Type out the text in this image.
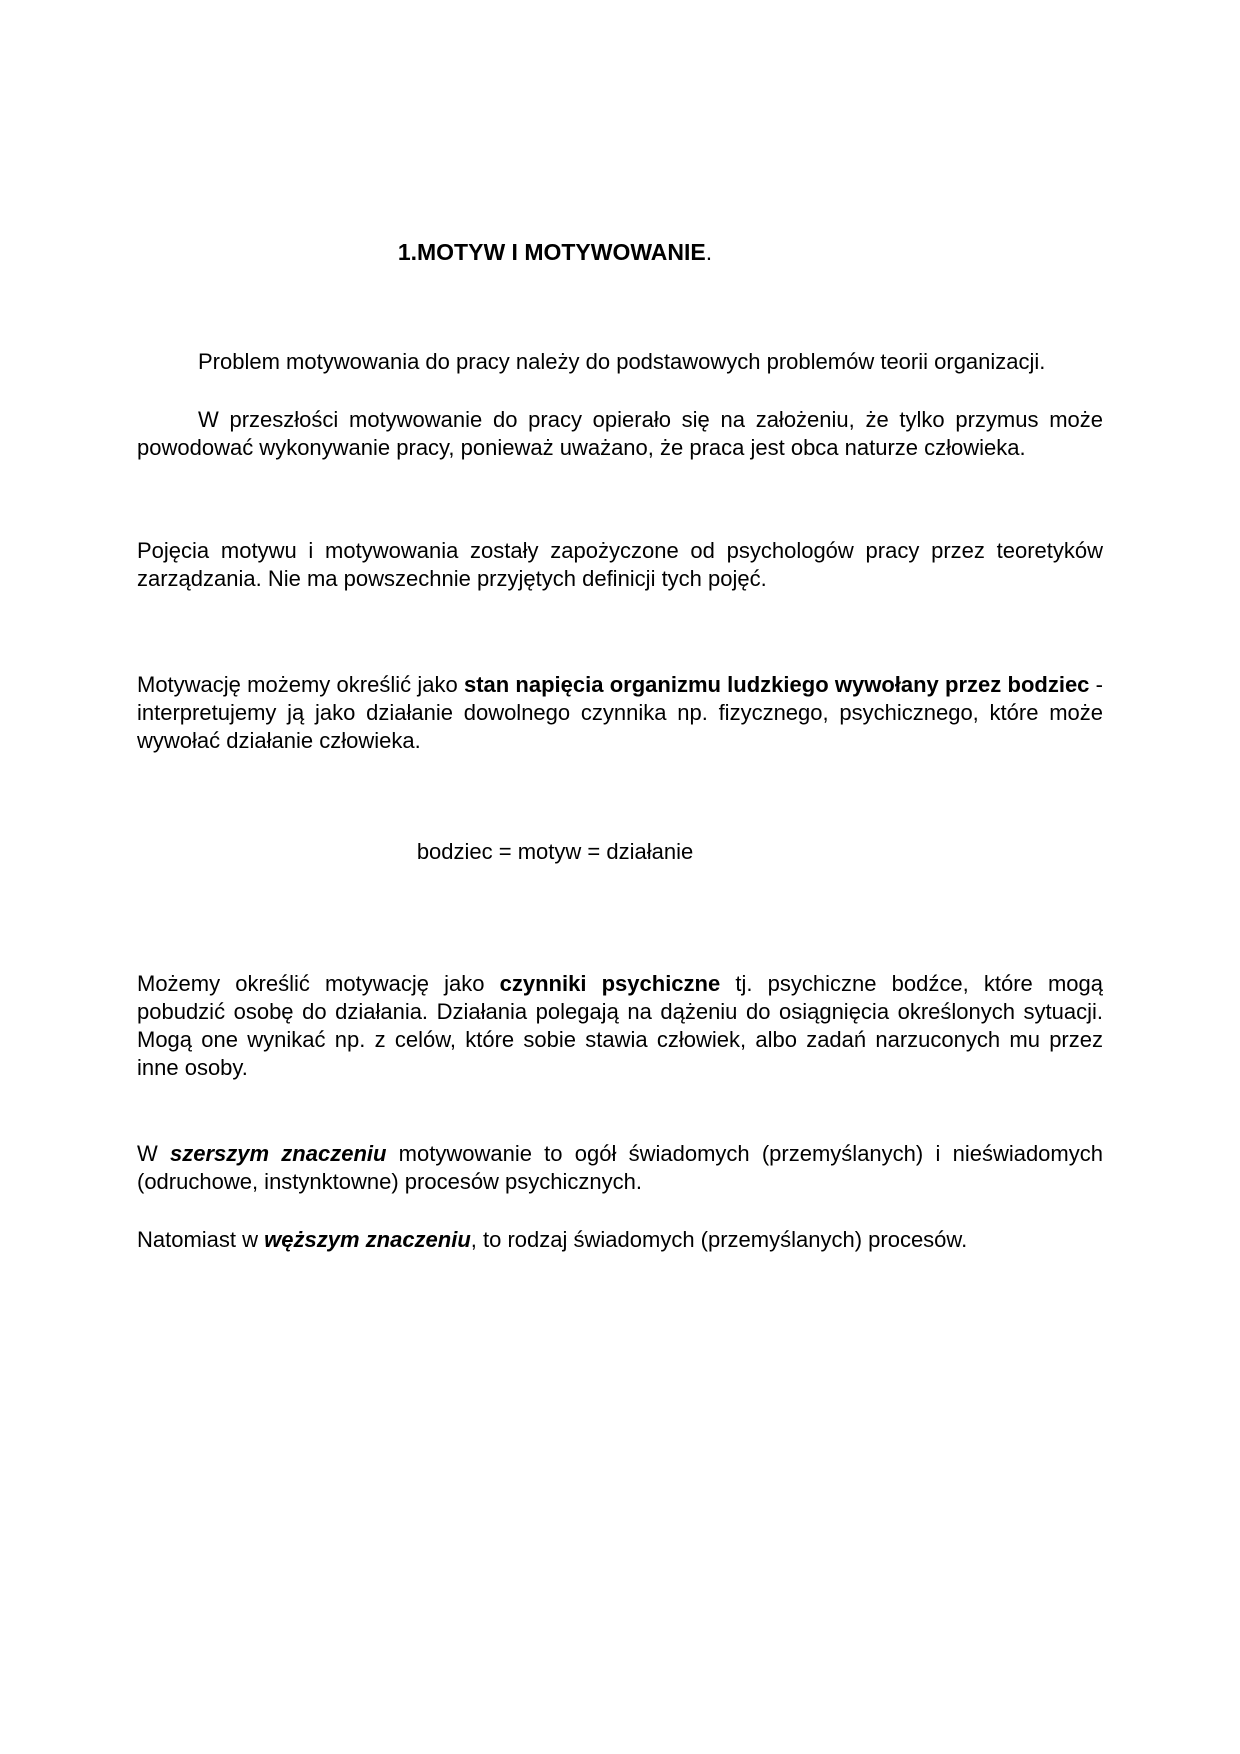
1.MOTYW I MOTYWOWANIE.

Problem motywowania do pracy należy do podstawowych problemów teorii organizacji.

W przeszłości motywowanie do pracy opierało się na założeniu, że tylko przymus może powodować wykonywanie pracy, ponieważ uważano, że praca jest obca naturze człowieka.

Pojęcia motywu i motywowania zostały zapożyczone od psychologów pracy przez teoretyków zarządzania. Nie ma powszechnie przyjętych definicji tych pojęć.

Motywację możemy określić jako stan napięcia organizmu ludzkiego wywołany przez bodziec - interpretujemy ją jako działanie dowolnego czynnika np. fizycznego, psychicznego, które może wywołać działanie człowieka.

bodziec = motyw = działanie

Możemy określić motywację jako czynniki psychiczne tj. psychiczne bodźce, które mogą pobudzić osobę do działania. Działania polegają na dążeniu do osiągnięcia określonych sytuacji. Mogą one wynikać np. z celów, które sobie stawia człowiek, albo zadań narzuconych mu przez inne osoby.

W szerszym znaczeniu motywowanie to ogół świadomych (przemyślanych) i nieświadomych (odruchowe, instynktowne) procesów psychicznych.

Natomiast w węższym znaczeniu, to rodzaj świadomych (przemyślanych) procesów.
